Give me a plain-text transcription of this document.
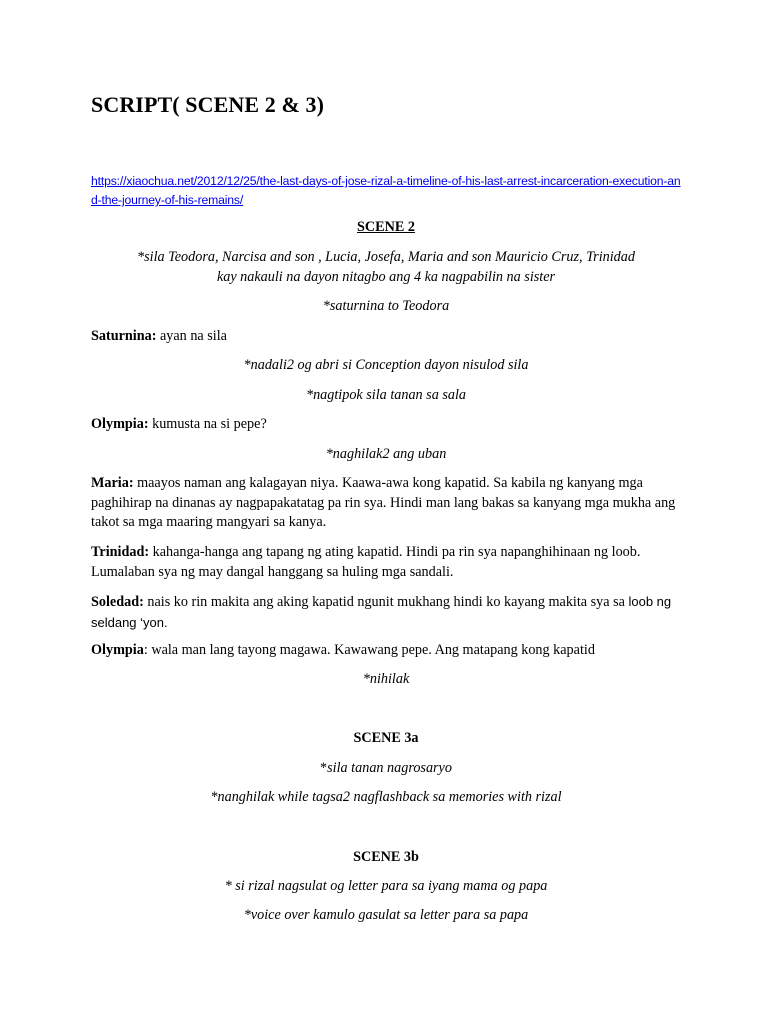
SCRIPT( SCENE 2 & 3)
https://xiaochua.net/2012/12/25/the-last-days-of-jose-rizal-a-timeline-of-his-last-arrest-incarceration-execution-and-the-journey-of-his-remains/
SCENE 2
*sila Teodora, Narcisa and son , Lucia, Josefa, Maria and son Mauricio Cruz, Trinidad kay nakauli na dayon nitagbo ang 4 ka nagpabilin na sister
*saturnina to Teodora
Saturnina: ayan na sila
*nadali2 og abri si Conception dayon nisulod sila
*nagtipok sila tanan sa sala
Olympia: kumusta na si pepe?
*naghilak2 ang uban
Maria: maayos naman ang kalagayan niya. Kaawa-awa kong kapatid. Sa kabila ng kanyang mga paghihirap na dinanas ay nagpapakatatag pa rin sya. Hindi man lang bakas sa kanyang mga mukha ang takot sa mga maaring mangyari sa kanya.
Trinidad: kahanga-hanga ang tapang ng ating kapatid. Hindi pa rin sya napanghihinaan ng loob. Lumalaban sya ng may dangal hanggang sa huling mga sandali.
Soledad: nais ko rin makita ang aking kapatid ngunit mukhang hindi ko kayang makita sya sa loob ng seldang ‘yon.
Olympia: wala man lang tayong magawa. Kawawang pepe. Ang matapang kong kapatid
*nihilak
SCENE 3a
*sila tanan nagrosaryo
*nanghilak while tagsa2 nagflashback sa memories with rizal
SCENE 3b
* si rizal nagsulat og letter para sa iyang mama og papa
*voice over kamulo gasulat sa letter para sa papa
